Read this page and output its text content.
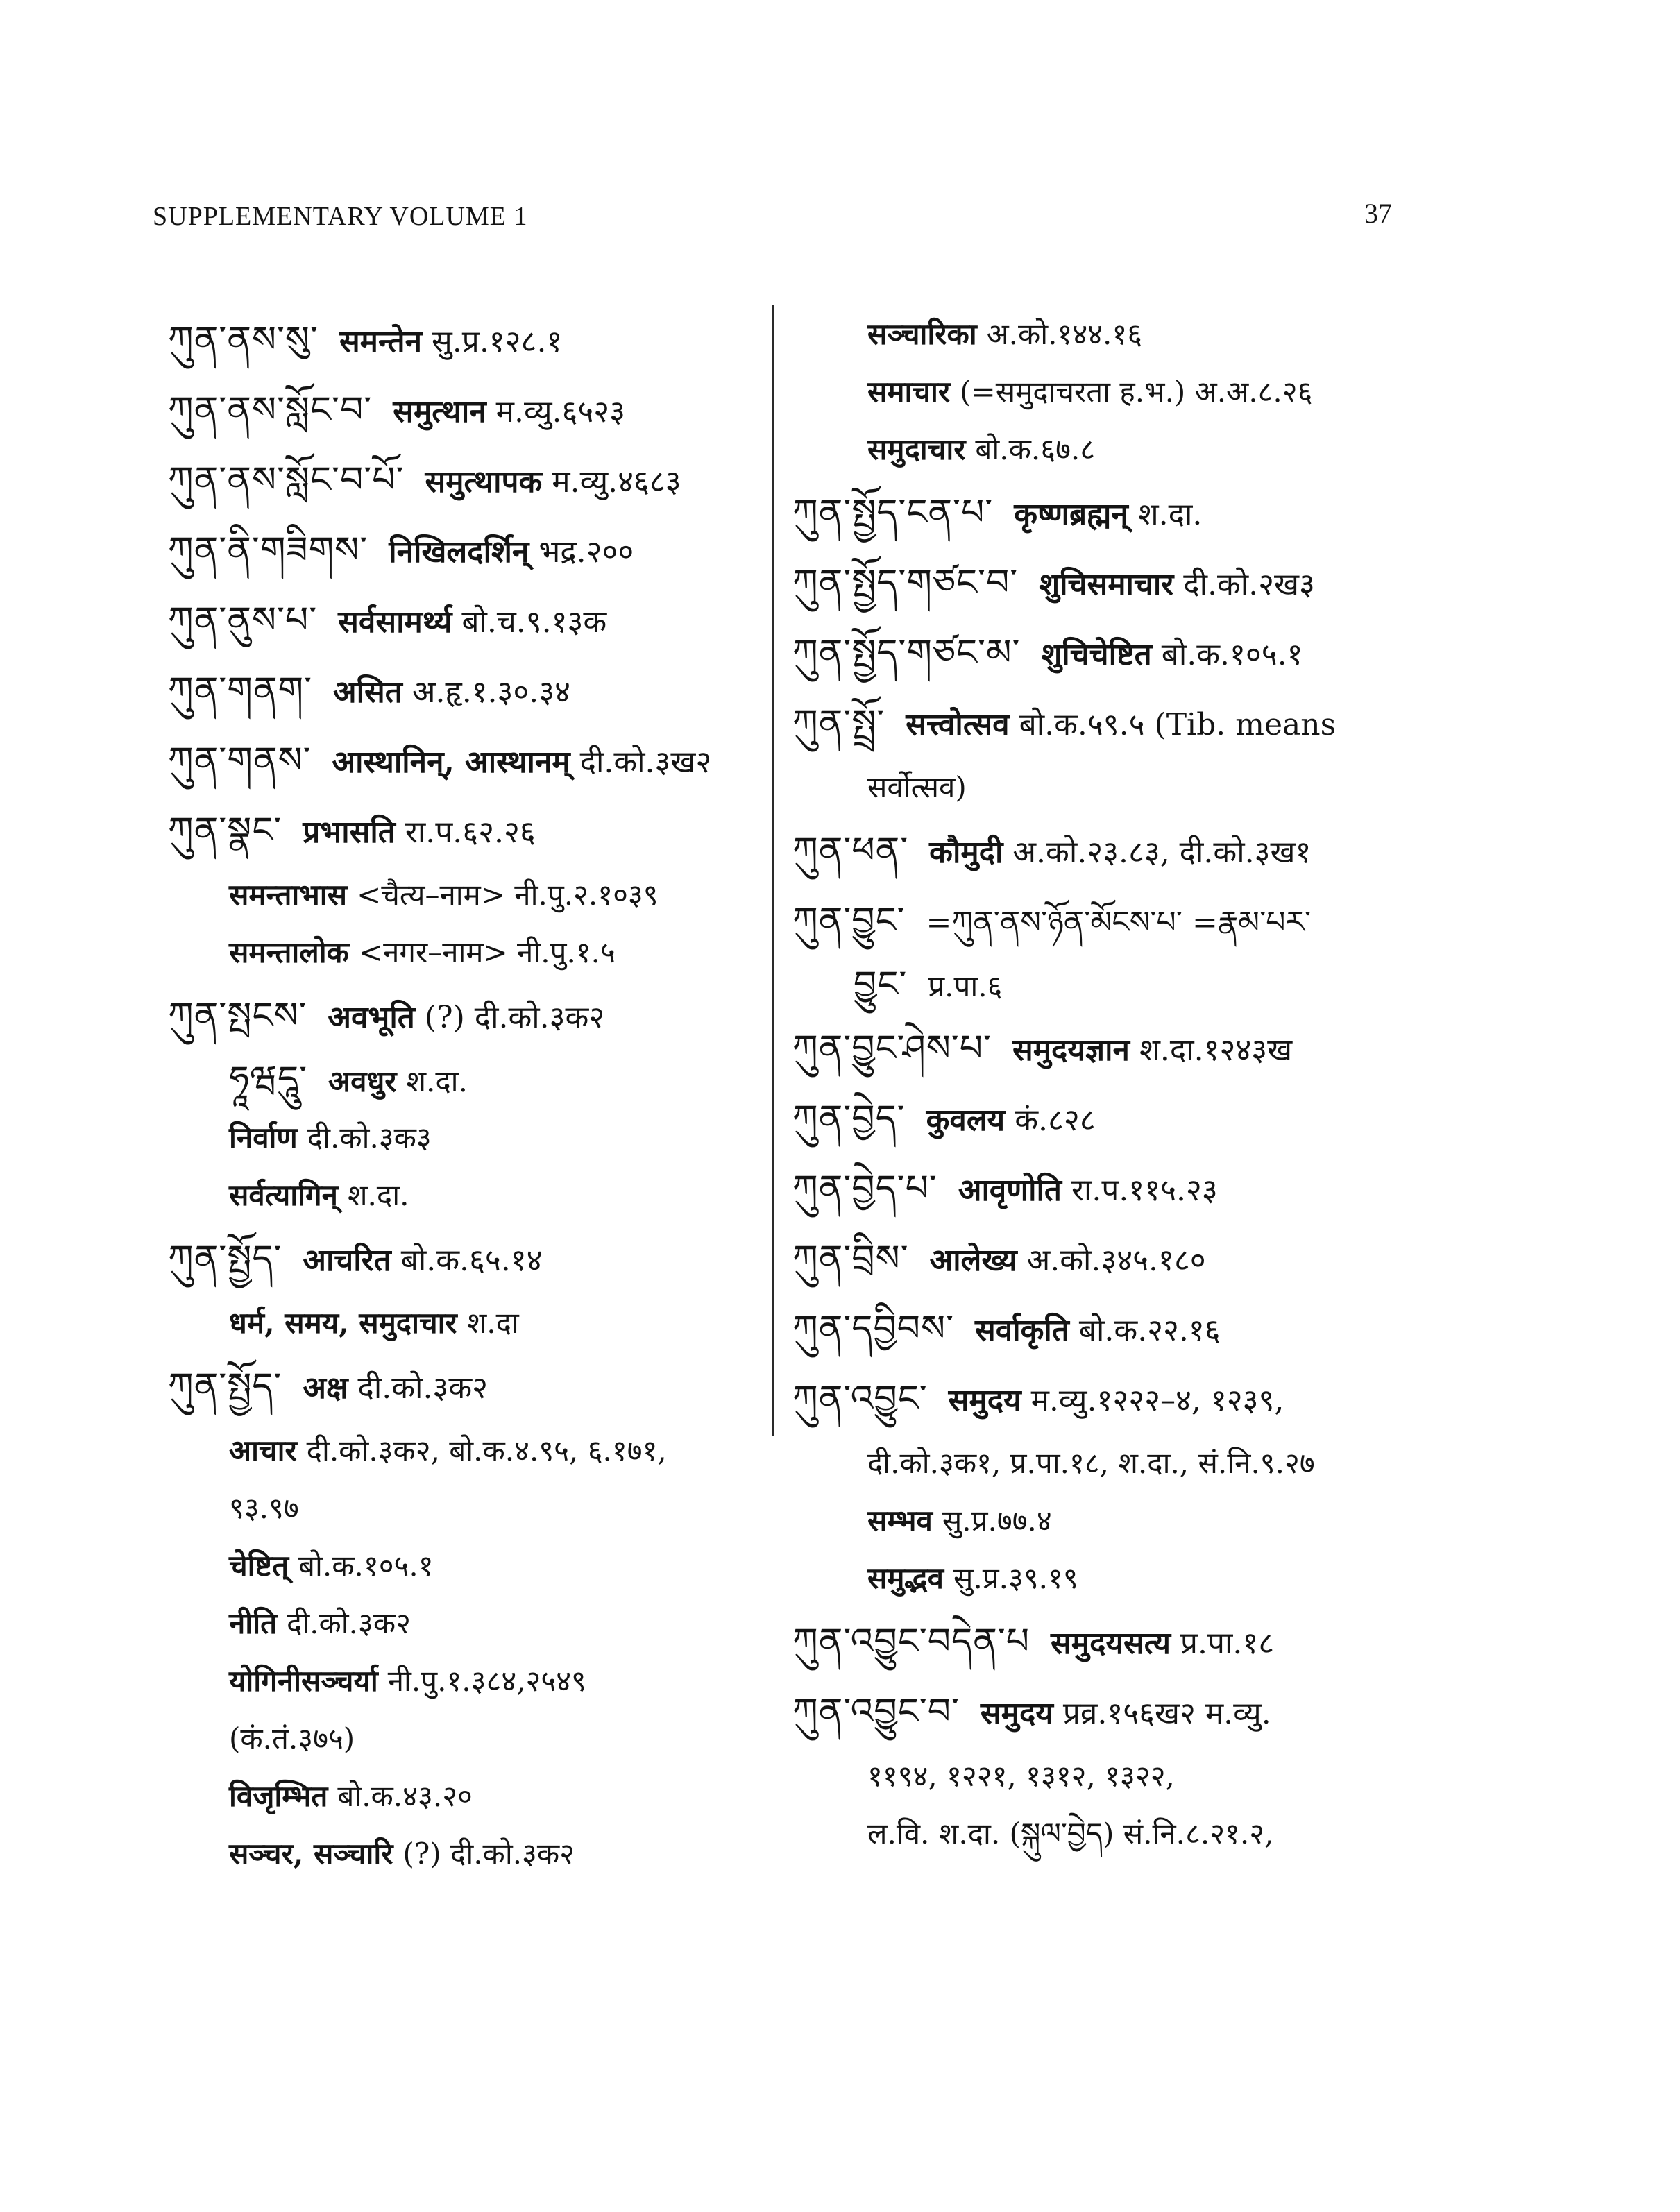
SUPPLEMENTARY VOLUME 1	37
ཀུན་ནས་སུ་ समन्तेन सु.प्र.१२८.१
ཀུན་ནས་སློང་བ་ समुत्थान म.व्यु.६५२३
ཀུན་ནས་སློང་བ་པོ་ समुत्थापक म.व्यु.४६८३
ཀུན་ནི་གཟིགས་ निखिलदर्शिन् भद्र.२००
ཀུན་ནུས་པ་ सर्वसामर्थ्य बो.च.९.१३क
ཀུན་གནག་ असित अ.हृ.१.३०.३४
ཀུན་གནས་ आस्थानिन्, आस्थानम् दी.को.३ख२
ཀུན་སྣང་ प्रभासति रा.प.६२.२६
समन्ताभास <चैत्य–नाम> नी.पु.२.१०३९
समन्तालोक <नगर–नाम> नी.पु.१.५
ཀུན་སྤངས་ अवभूति (?) दी.को.३क२
ཧཱཝདཱུ་ अवधुर श.दा.
निर्वाण दी.को.३क३
सर्वत्यागिन् श.दा.
ཀུན་སྤྱོད་ आचरित बो.क.६५.१४
धर्म, समय, समुदाचार श.दा
ཀུན་སྤྱོད་ अक्ष दी.को.३क२
आचार दी.को.३क२, बो.क.४.९५, ६.१७१,
९३.९७
चेष्टित् बो.क.१०५.१
नीति दी.को.३क२
योगिनीसञ्चर्या नी.पु.१.३८४,२५४९
(कं.तं.३७५)
विजृम्भित बो.क.४३.२०
सञ्चर, सञ्चारि (?) दी.को.३क२
सञ्चारिका अ.को.१४४.१६
समाचार (=समुदाचरता ह.भ.) अ.अ.८.२६
समुदाचार बो.क.६७.८
ཀུན་སྤྱོད་ངན་པ་ कृष्णब्रह्मन् श.दा.
ཀུན་སྤྱོད་གཙང་བ་ शुचिसमाचार दी.को.२ख३
ཀུན་སྤྱོད་གཙང་མ་ शुचिचेष्टित बो.क.१०५.१
ཀུན་སྤྲོ་ सत्त्वोत्सव बो.क.५९.५ (Tib. means
सर्वोत्सव)
ཀུན་ཕན་ कौमुदी अ.को.२३.८३, दी.को.३ख१
ཀུན་བྱུང་ =ཀུན་ནས་ཉོན་མོངས་པ་ =རྣམ་པར་
བྱུང་ प्र.पा.६
ཀུན་བྱུང་ཤེས་པ་ समुदयज्ञान श.दा.१२४३ख
ཀུན་བྱེད་ कुवलय कं.८२८
ཀུན་བྱེད་པ་ आवृणोति रा.प.११५.२३
ཀུན་བྲིས་ आलेख्य अ.को.३४५.१८०
ཀུན་དབྱིབས་ सर्वाकृति बो.क.२२.१६
ཀུན་འབྱུང་ समुदय म.व्यु.१२२२–४, १२३९,
दी.को.३क१, प्र.पा.१८, श.दा., सं.नि.९.२७
सम्भव सु.प्र.७७.४
समुद्भव सु.प्र.३९.१९
ཀུན་འབྱུང་བདེན་པ समुदयसत्य प्र.पा.१८
ཀུན་འབྱུང་བ་ समुदय प्रव्र.१५६ख२ म.व्यु.
११९४, १२२१, १३१२, १३२२,
ल.वि. श.दा. (སྐུལ་བྱེད) सं.नि.८.२१.२,
